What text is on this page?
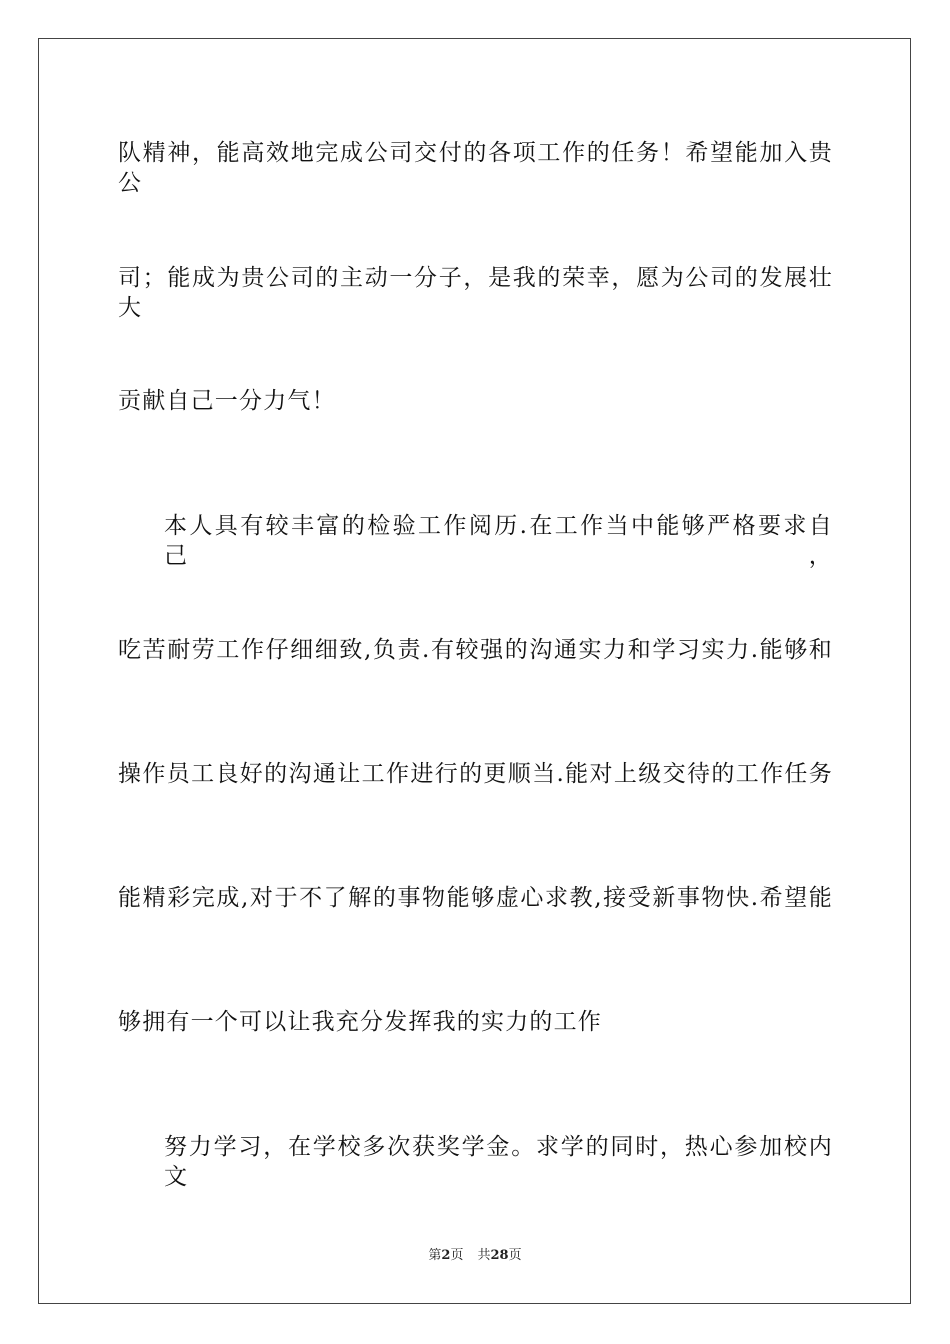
队精神，能高效地完成公司交付的各项工作的任务！希望能加入贵公
司；能成为贵公司的主动一分子，是我的荣幸，愿为公司的发展壮大
贡献自己一分力气！
本人具有较丰富的检验工作阅历.在工作当中能够严格要求自己，
吃苦耐劳工作仔细细致,负责.有较强的沟通实力和学习实力.能够和
操作员工良好的沟通让工作进行的更顺当.能对上级交待的工作任务
能精彩完成,对于不了解的事物能够虚心求教,接受新事物快.希望能
够拥有一个可以让我充分发挥我的实力的工作
努力学习，在学校多次获奖学金。求学的同时，热心参加校内文
第2页 共28页
